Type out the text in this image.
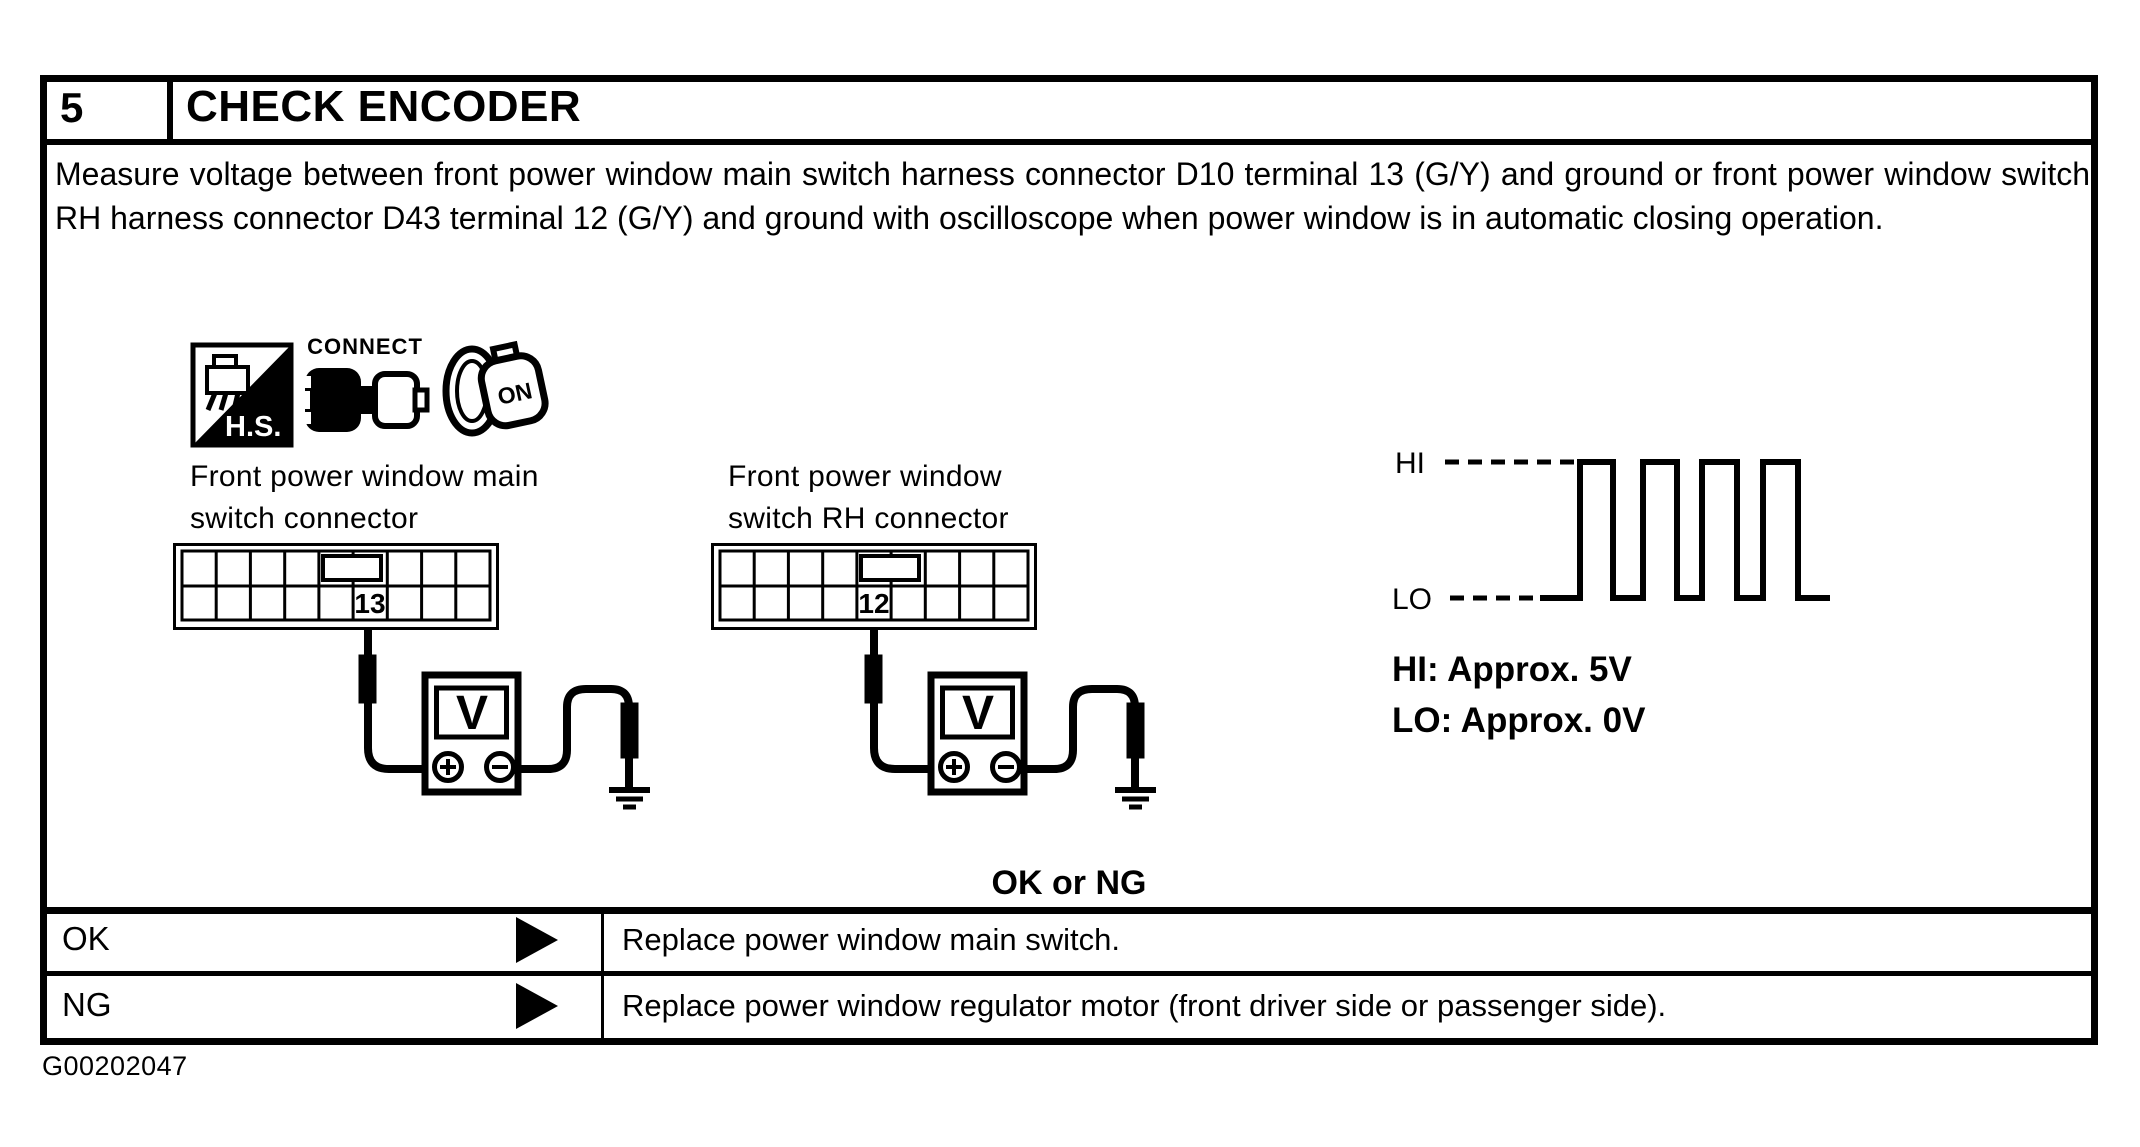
5 CHECK ENCODER
Measure voltage between front power window main switch harness connector D10 terminal 13 (G/Y) and ground or front power window switch RH harness connector D43 terminal 12 (G/Y) and ground with oscilloscope when power window is in automatic closing operation.
H.S.
CONNECT
ON
Front power window main
switch connector
Front power window
switch RH connector
13
V
12
V
HI
LO
HI: Approx. 5V
LO: Approx. 0V
OK or NG
OK	Replace power window main switch.
NG	Replace power window regulator motor (front driver side or passenger side).
G00202047
